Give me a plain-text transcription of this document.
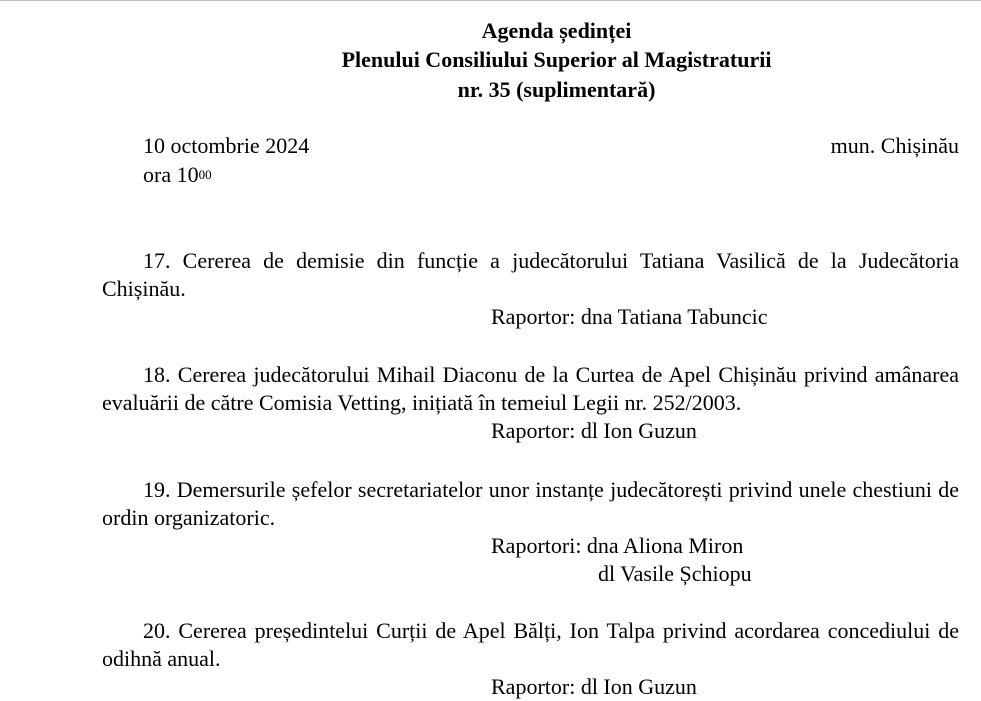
Agenda ședinței
Plenului Consiliului Superior al Magistraturii
nr. 35 (suplimentară)
10 octombrie 2024	mun. Chișinău
ora $10^{00}$

17. Cererea de demisie din funcție a judecătorului Tatiana Vasilică de la Judecătoria Chișinău.

Raportor: dna Tatiana Tabuncic

18. Cererea judecătorului Mihail Diaconu de la Curtea de Apel Chișinău privind amânarea evaluării de către Comisia Vetting, inițiată în temeiul Legii nr. 252/2003.

Raportor: dl Ion Guzun

19. Demersurile șefelor secretariatelor unor instanțe judecătorești privind unele chestiuni de ordin organizatoric.

Raportori: dna Aliona Miron

dl Vasile Șchiopu

20. Cererea președintelui Curții de Apel Bălți, Ion Talpa privind acordarea concediului de odihnă anual.

Raportor: dl Ion Guzun
